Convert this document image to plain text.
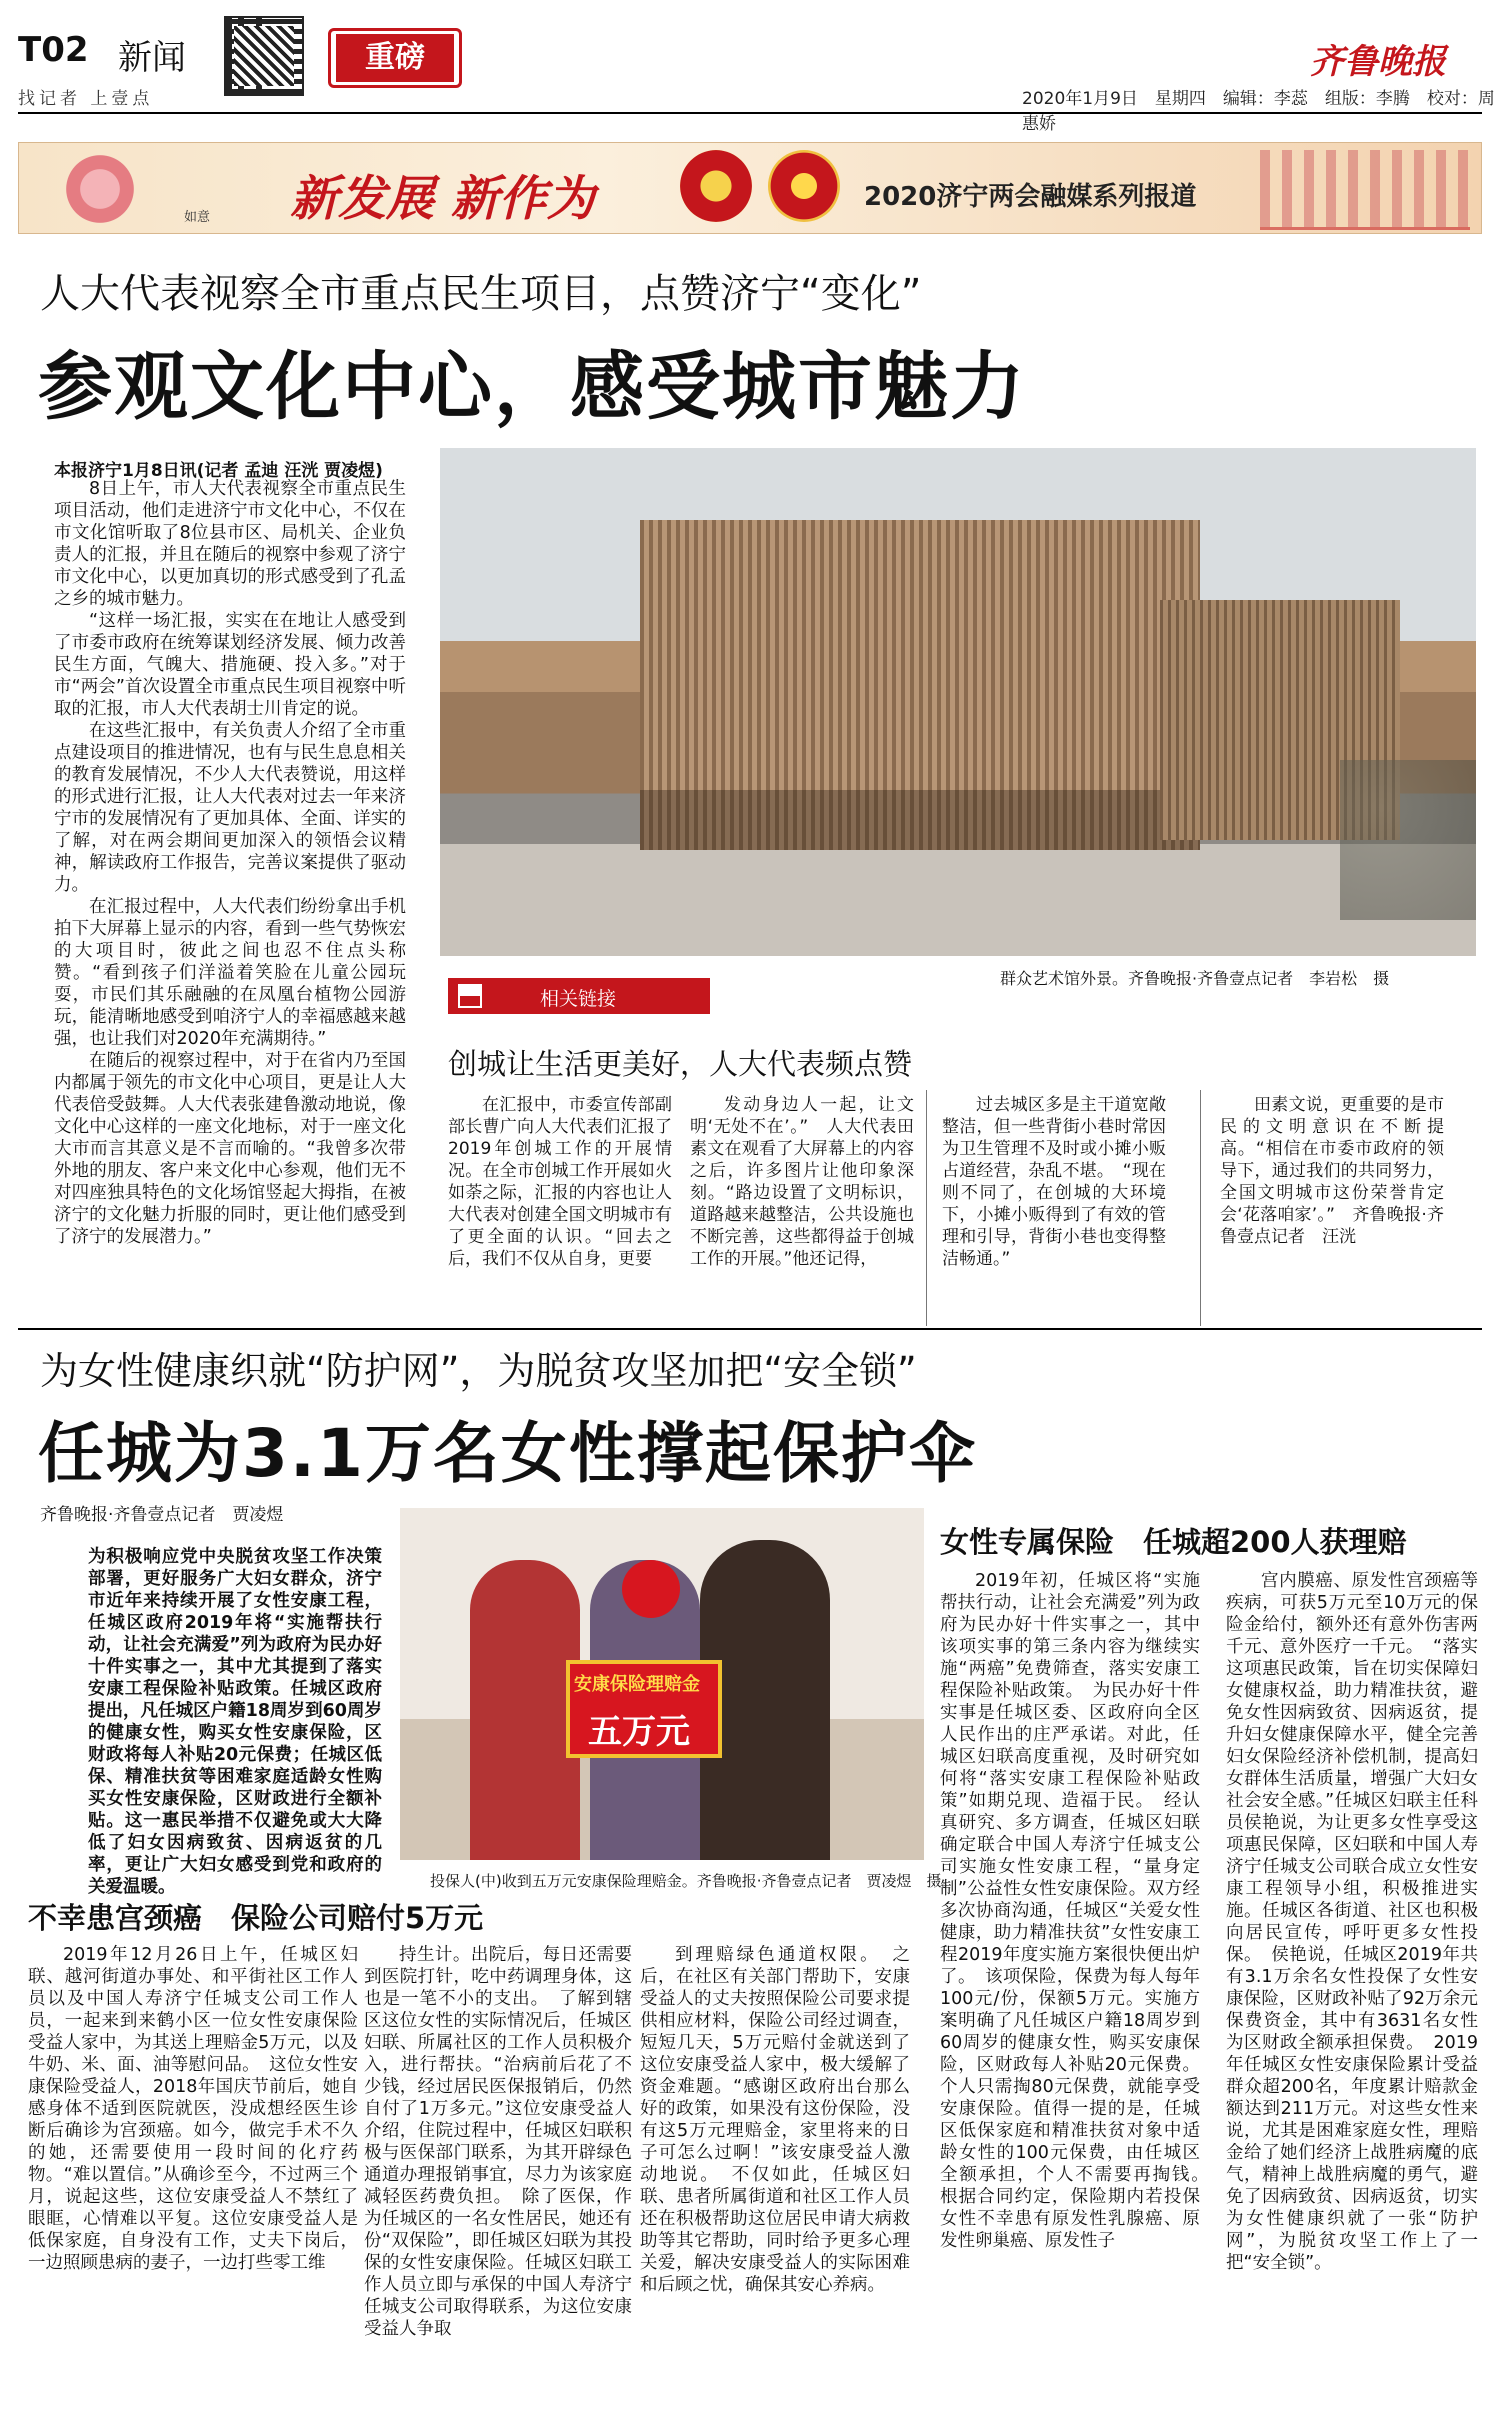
T02 新闻
找记者 上壹点
重磅	齐鲁晚报
2020年1月9日　星期四　编辑：李蕊　组版：李腾　校对：周惠娇
如意 新发展 新作为	2020济宁两会融媒系列报道
人大代表视察全市重点民生项目，点赞济宁“变化”
参观文化中心，感受城市魅力
本报济宁1月8日讯(记者 孟迪 汪洸 贾凌煜)

8日上午，市人大代表视察全市重点民生项目活动，他们走进济宁市文化中心，不仅在市文化馆听取了8位县市区、局机关、企业负责人的汇报，并且在随后的视察中参观了济宁市文化中心，以更加真切的形式感受到了孔孟之乡的城市魅力。

“这样一场汇报，实实在在地让人感受到了市委市政府在统筹谋划经济发展、倾力改善民生方面，气魄大、措施硬、投入多。”对于市“两会”首次设置全市重点民生项目视察中听取的汇报，市人大代表胡士川肯定的说。

在这些汇报中，有关负责人介绍了全市重点建设项目的推进情况，也有与民生息息相关的教育发展情况，不少人大代表赞说，用这样的形式进行汇报，让人大代表对过去一年来济宁市的发展情况有了更加具体、全面、详实的了解，对在两会期间更加深入的领悟会议精神，解读政府工作报告，完善议案提供了驱动力。

在汇报过程中，人大代表们纷纷拿出手机拍下大屏幕上显示的内容，看到一些气势恢宏的大项目时，彼此之间也忍不住点头称赞。“看到孩子们洋溢着笑脸在儿童公园玩耍，市民们其乐融融的在凤凰台植物公园游玩，能清晰地感受到咱济宁人的幸福感越来越强，也让我们对2020年充满期待。”

在随后的视察过程中，对于在省内乃至国内都属于领先的市文化中心项目，更是让人大代表倍受鼓舞。人大代表张建鲁激动地说，像文化中心这样的一座文化地标，对于一座文化大市而言其意义是不言而喻的。“我曾多次带外地的朋友、客户来文化中心参观，他们无不对四座独具特色的文化场馆竖起大拇指，在被济宁的文化魅力折服的同时，更让他们感受到了济宁的发展潜力。”

群众艺术馆外景。齐鲁晚报·齐鲁壹点记者　李岩松　摄
相关链接
创城让生活更美好，人大代表频点赞

在汇报中，市委宣传部副部长曹广向人大代表们汇报了2019年创城工作的开展情况。在全市创城工作开展如火如荼之际，汇报的内容也让人大代表对创建全国文明城市有了更全面的认识。“回去之后，我们不仅从自身，更要

发动身边人一起，让文明‘无处不在’。”　人大代表田素文在观看了大屏幕上的内容之后，许多图片让他印象深刻。“路边设置了文明标识，道路越来越整洁，公共设施也不断完善，这些都得益于创城工作的开展。”他还记得，

过去城区多是主干道宽敞整洁，但一些背街小巷时常因为卫生管理不及时或小摊小贩占道经营，杂乱不堪。　“现在则不同了，在创城的大环境下，小摊小贩得到了有效的管理和引导，背街小巷也变得整洁畅通。”

田素文说，更重要的是市民的文明意识在不断提高。“相信在市委市政府的领导下，通过我们的共同努力，全国文明城市这份荣誉肯定会‘花落咱家’。”　齐鲁晚报·齐鲁壹点记者　汪洸

为女性健康织就“防护网”，为脱贫攻坚加把“安全锁”
任城为3.1万名女性撑起保护伞
齐鲁晚报·齐鲁壹点记者　贾凌煜
为积极响应党中央脱贫攻坚工作决策部署，更好服务广大妇女群众，济宁市近年来持续开展了女性安康工程，任城区政府2019年将“实施帮扶行动，让社会充满爱”列为政府为民办好十件实事之一，其中尤其提到了落实安康工程保险补贴政策。任城区政府提出，凡任城区户籍18周岁到60周岁的健康女性，购买女性安康保险，区财政将每人补贴20元保费；任城区低保、精准扶贫等困难家庭适龄女性购买女性安康保险，区财政进行全额补贴。这一惠民举措不仅避免或大大降低了妇女因病致贫、因病返贫的几率，更让广大妇女感受到党和政府的关爱温暖。
安康保险理赔金
五万元
投保人(中)收到五万元安康保险理赔金。齐鲁晚报·齐鲁壹点记者　贾凌煜　摄。
不幸患宫颈癌　保险公司赔付5万元

2019年12月26日上午，任城区妇联、越河街道办事处、和平街社区工作人员以及中国人寿济宁任城支公司工作人员，一起来到来鹤小区一位女性安康保险受益人家中，为其送上理赔金5万元，以及牛奶、米、面、油等慰问品。　这位女性安康保险受益人，2018年国庆节前后，她自感身体不适到医院就医，没成想经医生诊断后确诊为宫颈癌。如今，做完手术不久的她，还需要使用一段时间的化疗药物。“难以置信。”从确诊至今，不过两三个月，说起这些，这位安康受益人不禁红了眼眶，心情难以平复。这位安康受益人是低保家庭，自身没有工作，丈夫下岗后，一边照顾患病的妻子，一边打些零工维

持生计。出院后，每日还需要到医院打针，吃中药调理身体，这也是一笔不小的支出。　了解到辖区这位女性的实际情况后，任城区妇联、所属社区的工作人员积极介入，进行帮扶。“治病前后花了不少钱，经过居民医保报销后，仍然自付了1万多元。”这位安康受益人介绍，住院过程中，任城区妇联积极与医保部门联系，为其开辟绿色通道办理报销事宜，尽力为该家庭减轻医药费负担。　除了医保，作为任城区的一名女性居民，她还有份“双保险”，即任城区妇联为其投保的女性安康保险。任城区妇联工作人员立即与承保的中国人寿济宁任城支公司取得联系，为这位安康受益人争取

到理赔绿色通道权限。　之后，在社区有关部门帮助下，安康受益人的丈夫按照保险公司要求提供相应材料，保险公司经过调查，短短几天，5万元赔付金就送到了这位安康受益人家中，极大缓解了资金难题。“感谢区政府出台那么好的政策，如果没有这份保险，没有这5万元理赔金，家里将来的日子可怎么过啊！”该安康受益人激动地说。　不仅如此，任城区妇联、患者所属街道和社区工作人员还在积极帮助这位居民申请大病救助等其它帮助，同时给予更多心理关爱，解决安康受益人的实际困难和后顾之忧，确保其安心养病。

女性专属保险　任城超200人获理赔

2019年初，任城区将“实施帮扶行动，让社会充满爱”列为政府为民办好十件实事之一，其中该项实事的第三条内容为继续实施“两癌”免费筛查，落实安康工程保险补贴政策。　为民办好十件实事是任城区委、区政府向全区人民作出的庄严承诺。对此，任城区妇联高度重视，及时研究如何将“落实安康工程保险补贴政策”如期兑现、造福于民。　经认真研究、多方调查，任城区妇联确定联合中国人寿济宁任城支公司实施女性安康工程，“量身定制”公益性女性安康保险。双方经多次协商沟通，任城区“关爱女性健康，助力精准扶贫”女性安康工程2019年度实施方案很快便出炉了。　该项保险，保费为每人每年100元/份，保额5万元。实施方案明确了凡任城区户籍18周岁到60周岁的健康女性，购买安康保险，区财政每人补贴20元保费。个人只需掏80元保费，就能享受安康保险。值得一提的是，任城区低保家庭和精准扶贫对象中适龄女性的100元保费，由任城区全额承担，个人不需要再掏钱。　根据合同约定，保险期内若投保女性不幸患有原发性乳腺癌、原发性卵巢癌、原发性子

宫内膜癌、原发性宫颈癌等疾病，可获5万元至10万元的保险金给付，额外还有意外伤害两千元、意外医疗一千元。　“落实这项惠民政策，旨在切实保障妇女健康权益，助力精准扶贫，避免女性因病致贫、因病返贫，提升妇女健康保障水平，健全完善妇女保险经济补偿机制，提高妇女群体生活质量，增强广大妇女社会安全感。”任城区妇联主任科员侯艳说，为让更多女性享受这项惠民保障，区妇联和中国人寿济宁任城支公司联合成立女性安康工程领导小组，积极推进实施。任城区各街道、社区也积极向居民宣传，呼吁更多女性投保。　侯艳说，任城区2019年共有3.1万余名女性投保了女性安康保险，区财政补贴了92万余元保费资金，其中有3631名女性为区财政全额承担保费。　2019年任城区女性安康保险累计受益群众超200名，年度累计赔款金额达到211万元。对这些女性来说，尤其是困难家庭女性，理赔金给了她们经济上战胜病魔的底气，精神上战胜病魔的勇气，避免了因病致贫、因病返贫，切实为女性健康织就了一张“防护网”，为脱贫攻坚工作上了一把“安全锁”。
